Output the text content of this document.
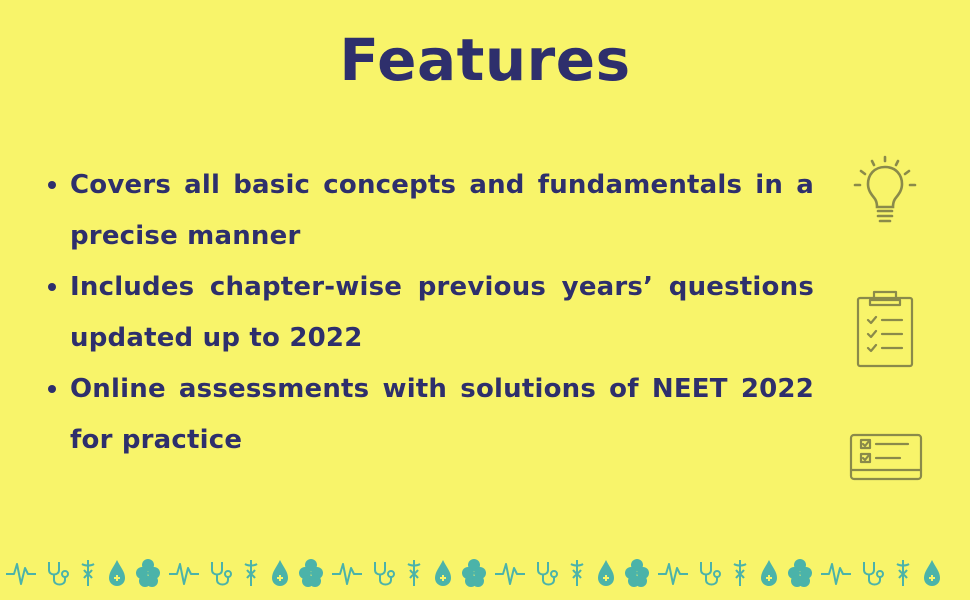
Features
Covers all basic concepts and fundamentals in a precise manner
Includes chapter-wise previous years’ questions updated up to 2022
Online assessments with solutions of NEET 2022 for practice
